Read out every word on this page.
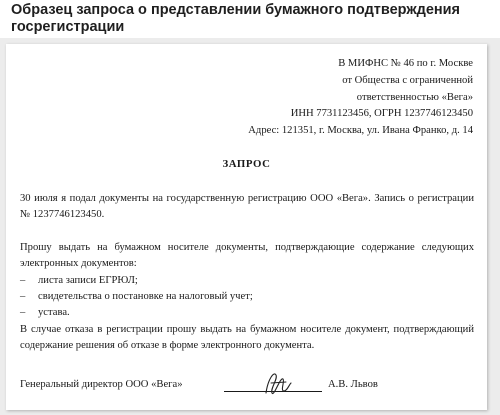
Образец запроса о представлении бумажного подтверждения госрегистрации
В МИФНС № 46 по г. Москве
от Общества с ограниченной
ответственностью «Вега»
ИНН 7731123456, ОГРН 1237746123450
Адрес: 121351, г. Москва, ул. Ивана Франко, д. 14
ЗАПРОС

30 июля я подал документы на государственную регистрацию ООО «Вега». Запись о регистрации № 1237746123450.

Прошу выдать на бумажном носителе документы, подтверждающие содержание следующих электронных документов:

–	листа записи ЕГРЮЛ;
–	свидетельства о постановке на налоговый учет;
–	устава.

В случае отказа в регистрации прошу выдать на бумажном носителе документ, подтверждающий содержание решения об отказе в форме электронного документа.

Генеральный директор ООО «Вега»	А.В. Львов
